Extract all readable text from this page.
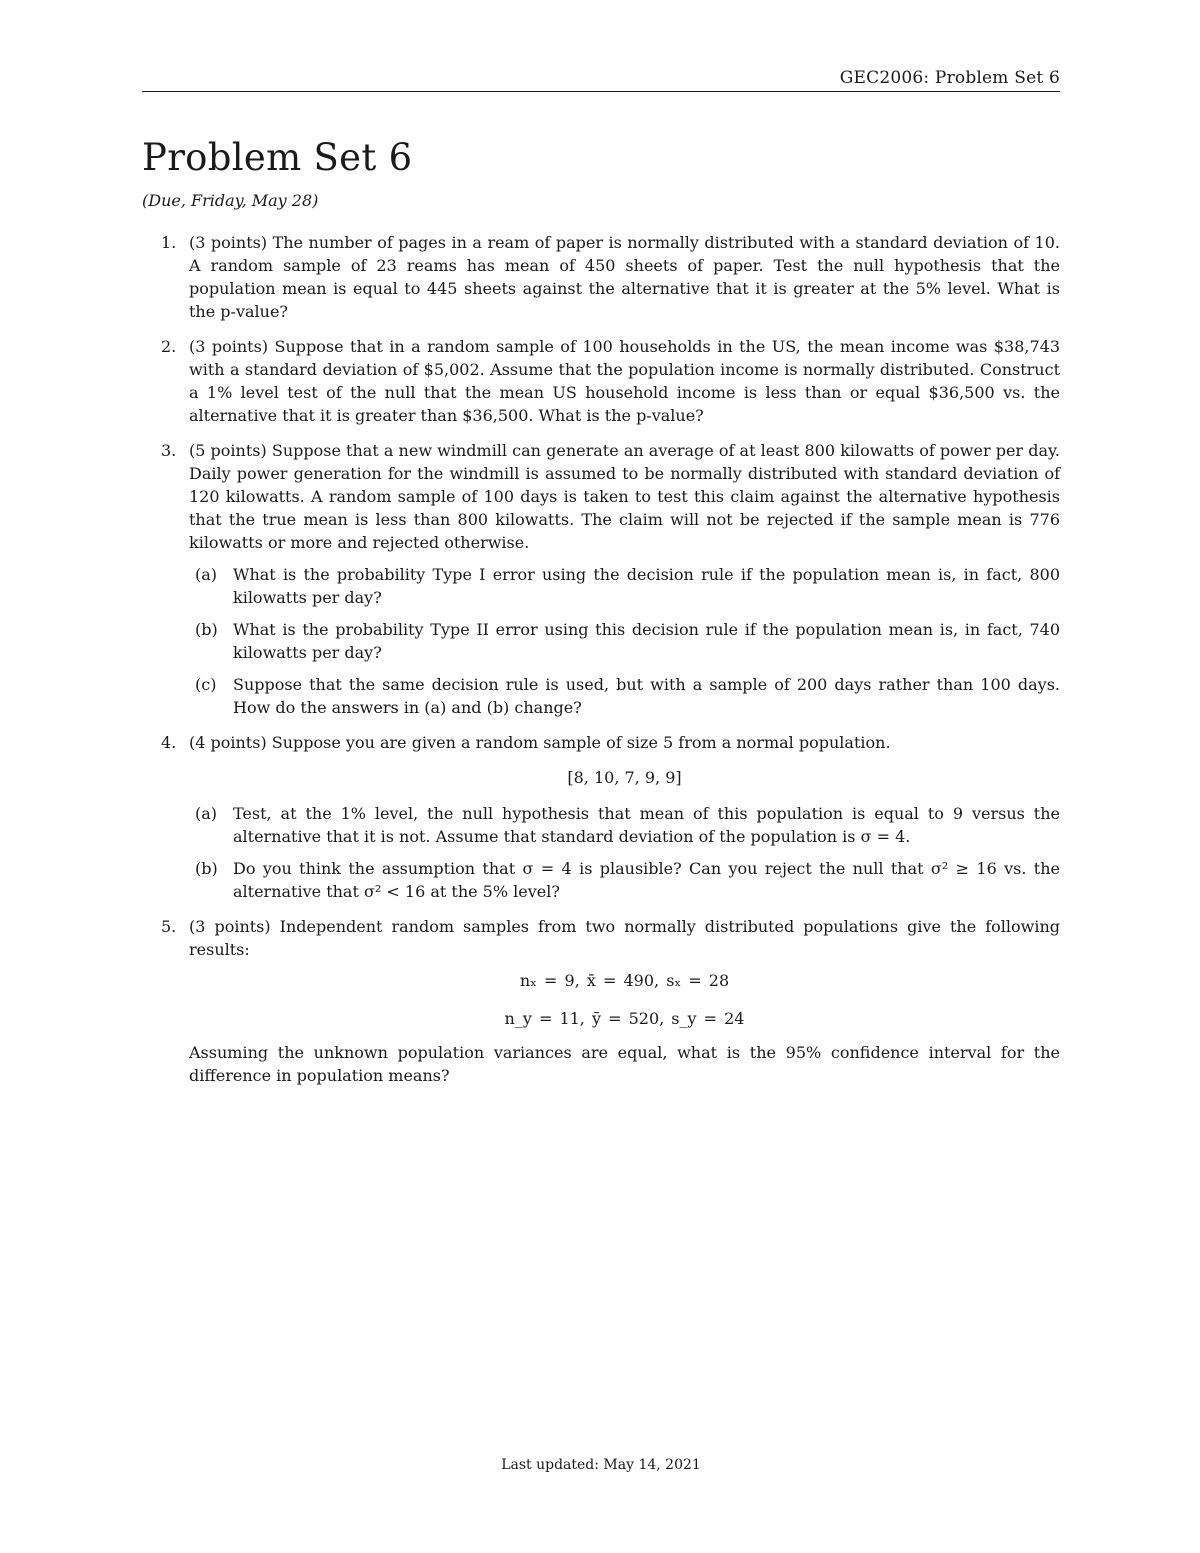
GEC2006: Problem Set 6
Problem Set 6
(Due, Friday, May 28)
1. (3 points) The number of pages in a ream of paper is normally distributed with a standard deviation of 10. A random sample of 23 reams has mean of 450 sheets of paper. Test the null hypothesis that the population mean is equal to 445 sheets against the alternative that it is greater at the 5% level. What is the p-value?
2. (3 points) Suppose that in a random sample of 100 households in the US, the mean income was $38,743 with a standard deviation of $5,002. Assume that the population income is normally distributed. Construct a 1% level test of the null that the mean US household income is less than or equal $36,500 vs. the alternative that it is greater than $36,500. What is the p-value?
3. (5 points) Suppose that a new windmill can generate an average of at least 800 kilowatts of power per day. Daily power generation for the windmill is assumed to be normally distributed with standard deviation of 120 kilowatts. A random sample of 100 days is taken to test this claim against the alternative hypothesis that the true mean is less than 800 kilowatts. The claim will not be rejected if the sample mean is 776 kilowatts or more and rejected otherwise.
(a) What is the probability Type I error using the decision rule if the population mean is, in fact, 800 kilowatts per day?
(b) What is the probability Type II error using this decision rule if the population mean is, in fact, 740 kilowatts per day?
(c) Suppose that the same decision rule is used, but with a sample of 200 days rather than 100 days. How do the answers in (a) and (b) change?
4. (4 points) Suppose you are given a random sample of size 5 from a normal population.
[8, 10, 7, 9, 9]
(a) Test, at the 1% level, the null hypothesis that mean of this population is equal to 9 versus the alternative that it is not. Assume that standard deviation of the population is σ = 4.
(b) Do you think the assumption that σ = 4 is plausible? Can you reject the null that σ² ≥ 16 vs. the alternative that σ² < 16 at the 5% level?
5. (3 points) Independent random samples from two normally distributed populations give the following results:
nₓ = 9, x̄ = 490, sₓ = 28
n_y = 11, ȳ = 520, s_y = 24
Assuming the unknown population variances are equal, what is the 95% confidence interval for the difference in population means?
Last updated: May 14, 2021
